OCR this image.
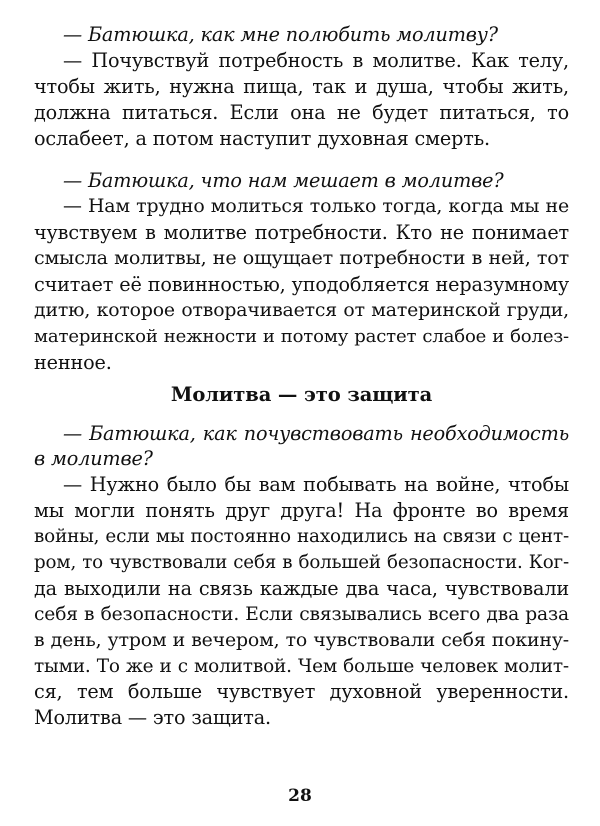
— Батюшка, как мне полюбить молитву?
— Почувствуй потребность в молитве. Как телу,
чтобы жить, нужна пища, так и душа, чтобы жить,
должна питаться. Если она не будет питаться, то
ослабеет, а потом наступит духовная смерть.
— Батюшка, что нам мешает в молитве?
— Нам трудно молиться только тогда, когда мы не
чувствуем в молитве потребности. Кто не понимает
смысла молитвы, не ощущает потребности в ней, тот
считает её повинностью, уподобляется неразумному
дитю, которое отворачивается от материнской груди,
материнской нежности и потому растет слабое и болез-
ненное.
Молитва — это защита
— Батюшка, как почувствовать необходимость
в молитве?
— Нужно было бы вам побывать на войне, чтобы
мы могли понять друг друга! На фронте во время
войны, если мы постоянно находились на связи с цент-
ром, то чувствовали себя в большей безопасности. Ког-
да выходили на связь каждые два часа, чувствовали
себя в безопасности. Если связывались всего два раза
в день, утром и вечером, то чувствовали себя покину-
тыми. То же и с молитвой. Чем больше человек молит-
ся, тем больше чувствует духовной уверенности.
Молитва — это защита.
28
